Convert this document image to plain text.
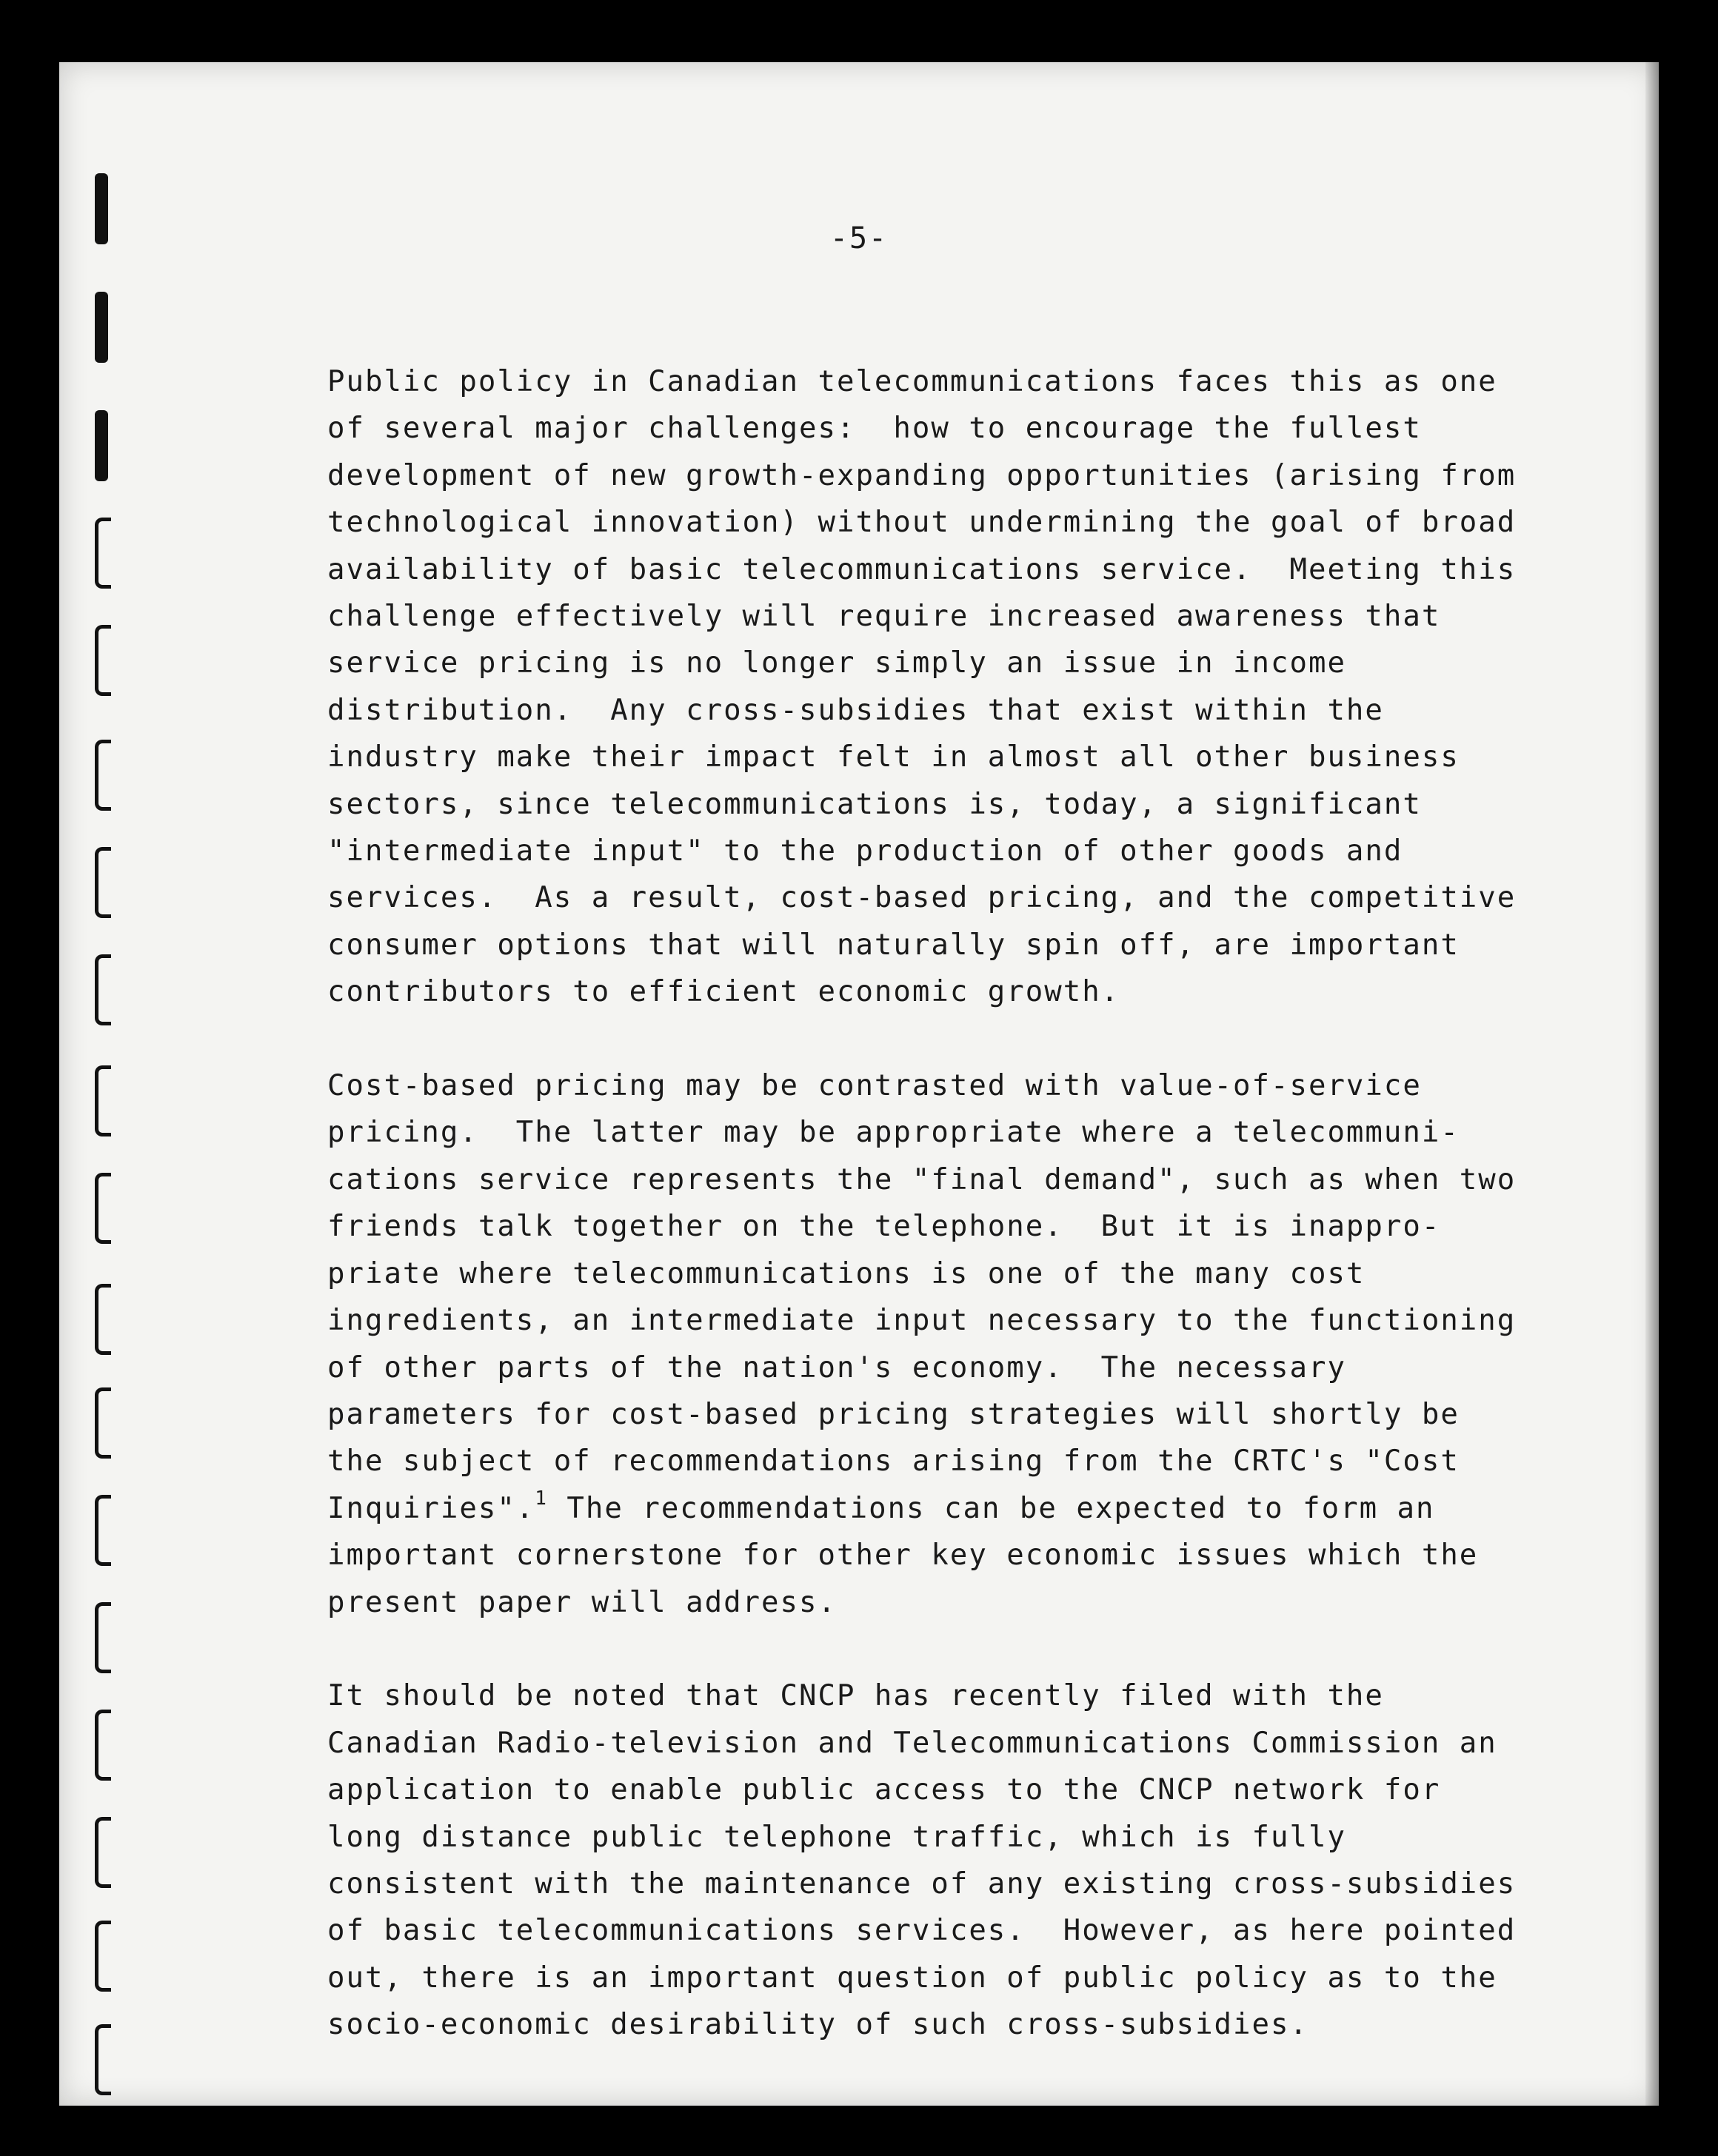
-5-

Public policy in Canadian telecommunications faces this as one
of several major challenges:  how to encourage the fullest
development of new growth-expanding opportunities (arising from
technological innovation) without undermining the goal of broad
availability of basic telecommunications service.  Meeting this
challenge effectively will require increased awareness that
service pricing is no longer simply an issue in income
distribution.  Any cross-subsidies that exist within the
industry make their impact felt in almost all other business
sectors, since telecommunications is, today, a significant
"intermediate input" to the production of other goods and
services.  As a result, cost-based pricing, and the competitive
consumer options that will naturally spin off, are important
contributors to efficient economic growth.

Cost-based pricing may be contrasted with value-of-service
pricing.  The latter may be appropriate where a telecommuni-
cations service represents the "final demand", such as when two
friends talk together on the telephone.  But it is inappro-
priate where telecommunications is one of the many cost
ingredients, an intermediate input necessary to the functioning
of other parts of the nation's economy.  The necessary
parameters for cost-based pricing strategies will shortly be
the subject of recommendations arising from the CRTC's "Cost
Inquiries".$^1$ The recommendations can be expected to form an
important cornerstone for other key economic issues which the
present paper will address.

It should be noted that CNCP has recently filed with the
Canadian Radio-television and Telecommunications Commission an
application to enable public access to the CNCP network for
long distance public telephone traffic, which is fully
consistent with the maintenance of any existing cross-subsidies
of basic telecommunications services.  However, as here pointed
out, there is an important question of public policy as to the
socio-economic desirability of such cross-subsidies.
